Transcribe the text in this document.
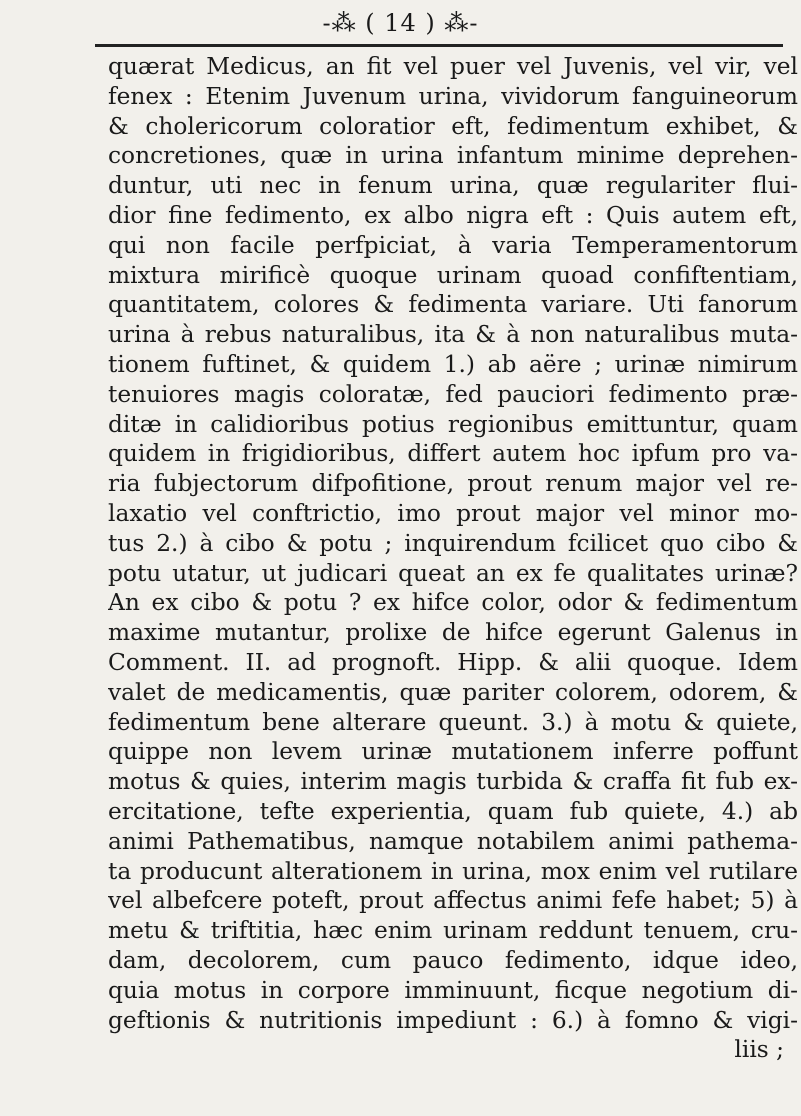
-⁂ ( 14 ) ⁂-
quærat Medicus, an fit vel puer vel Juvenis, vel vir, vel
fenex : Etenim Juvenum urina, vividorum fanguineorum
& cholericorum coloratior eft, fedimentum exhibet, &
concretiones, quæ in urina infantum minime deprehen-
duntur, uti nec in fenum urina, quæ regulariter flui-
dior fine fedimento, ex albo nigra eft : Quis autem eft,
qui non facile perfpiciat, à varia Temperamentorum
mixtura mirificè quoque urinam quoad confiftentiam,
quantitatem, colores & fedimenta variare. Uti fanorum
urina à rebus naturalibus, ita & à non naturalibus muta-
tionem fuftinet, & quidem 1.) ab aëre ; urinæ nimirum
tenuiores magis coloratæ, fed pauciori fedimento præ-
ditæ in calidioribus potius regionibus emittuntur, quam
quidem in frigidioribus, differt autem hoc ipfum pro va-
ria fubjectorum difpofitione, prout renum major vel re-
laxatio vel conftrictio, imo prout major vel minor mo-
tus 2.) à cibo & potu ; inquirendum fcilicet quo cibo &
potu utatur, ut judicari queat an ex fe qualitates urinæ?
An ex cibo & potu ? ex hifce color, odor & fedimentum
maxime mutantur, prolixe de hifce egerunt Galenus in
Comment. II. ad prognoft. Hipp. & alii quoque. Idem
valet de medicamentis, quæ pariter colorem, odorem, &
fedimentum bene alterare queunt. 3.) à motu & quiete,
quippe non levem urinæ mutationem inferre poffunt
motus & quies, interim magis turbida & craffa fit fub ex-
ercitatione, tefte experientia, quam fub quiete, 4.) ab
animi Pathematibus, namque notabilem animi pathema-
ta producunt alterationem in urina, mox enim vel rutilare
vel albefcere poteft, prout affectus animi fefe habet; 5) à
metu & triftitia, hæc enim urinam reddunt tenuem, cru-
dam, decolorem, cum pauco fedimento, idque ideo,
quia motus in corpore imminuunt, ficque negotium di-
geftionis & nutritionis impediunt : 6.) à fomno & vigi-
liis ;
